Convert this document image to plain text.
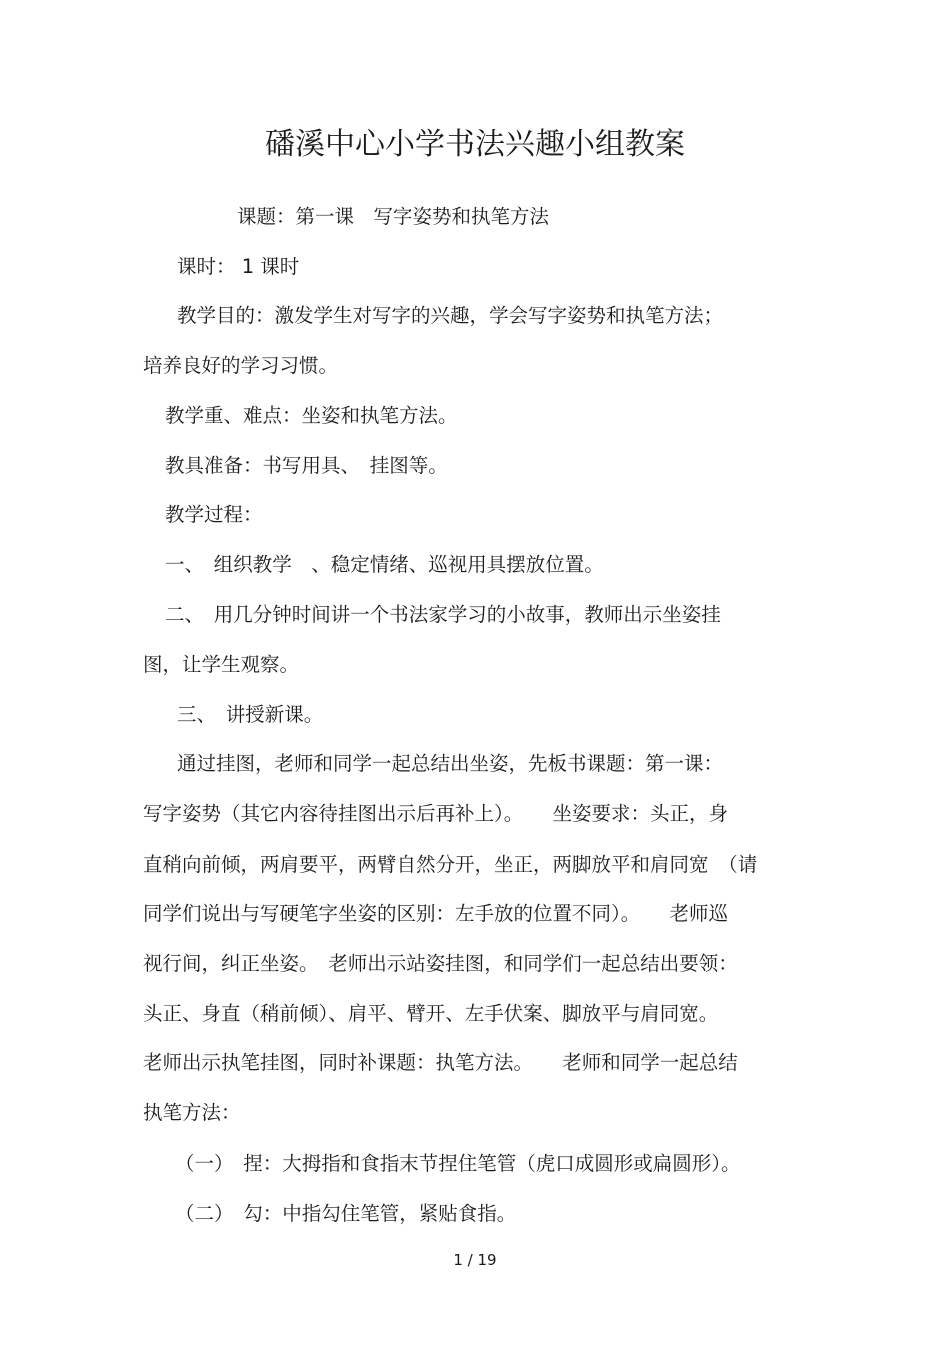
磻溪中心小学书法兴趣小组教案
课题：第一课　写字姿势和执笔方法
课时： 1 课时
教学目的：激发学生对写字的兴趣，学会写字姿势和执笔方法；
培养良好的学习习惯。
教学重、难点：坐姿和执笔方法。
教具准备：书写用具、　挂图等。
教学过程：
一、　组织教学　、稳定情绪、巡视用具摆放位置。
二、　用几分钟时间讲一个书法家学习的小故事，教师出示坐姿挂
图，让学生观察。
三、　讲授新课。
通过挂图，老师和同学一起总结出坐姿，先板书课题：第一课：
写字姿势（其它内容待挂图出示后再补上）。　　坐姿要求：头正，身
直稍向前倾，两肩要平，两臂自然分开，坐正，两脚放平和肩同宽　（请
同学们说出与写硬笔字坐姿的区别：左手放的位置不同）。　　老师巡
视行间，纠正坐姿。　老师出示站姿挂图，和同学们一起总结出要领：
头正、身直（稍前倾）、肩平、臂开、左手伏案、脚放平与肩同宽。
老师出示执笔挂图，同时补课题：执笔方法。　　老师和同学一起总结
执笔方法：
（一）　捏：大拇指和食指末节捏住笔管（虎口成圆形或扁圆形）。
（二）　勾：中指勾住笔管，紧贴食指。
1 / 19
